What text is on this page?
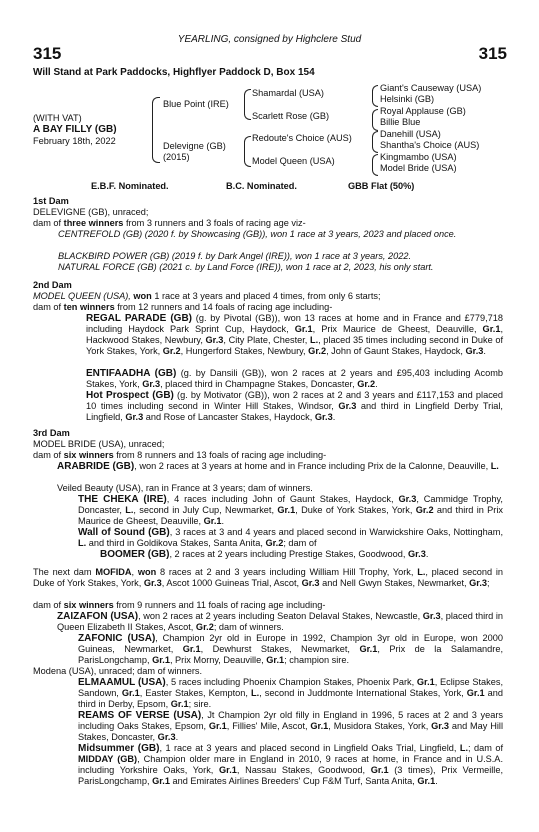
YEARLING, consigned by Highclere Stud
315	315
Will Stand at Park Paddocks, Highflyer Paddock D, Box 154
(WITH VAT)
A BAY FILLY (GB)
February 18th, 2022
Blue Point (IRE)
Delevigne (GB)
(2015)
Shamardal (USA)
Scarlett Rose (GB)
Redoute's Choice (AUS)
Model Queen (USA)
Giant's Causeway (USA)
Helsinki (GB)
Royal Applause (GB)
Billie Blue
Danehill (USA)
Shantha's Choice (AUS)
Kingmambo (USA)
Model Bride (USA)
E.B.F. Nominated.	B.C. Nominated.	GBB Flat (50%)
1st Dam
DELEVIGNE (GB), unraced;
dam of three winners from 3 runners and 3 foals of racing age viz-
CENTREFOLD (GB) (2020 f. by Showcasing (GB)), won 1 race at 3 years, 2023 and placed once.
BLACKBIRD POWER (GB) (2019 f. by Dark Angel (IRE)), won 1 race at 3 years, 2022.
NATURAL FORCE (GB) (2021 c. by Land Force (IRE)), won 1 race at 2, 2023, his only start.
2nd Dam
MODEL QUEEN (USA), won 1 race at 3 years and placed 4 times, from only 6 starts;
dam of ten winners from 12 runners and 14 foals of racing age including-
REGAL PARADE (GB) (g. by Pivotal (GB)), won 13 races at home and in France and £779,718 including Haydock Park Sprint Cup, Haydock, Gr.1, Prix Maurice de Gheest, Deauville, Gr.1, Hackwood Stakes, Newbury, Gr.3, City Plate, Chester, L., placed 35 times including second in Duke of York Stakes, York, Gr.2, Hungerford Stakes, Newbury, Gr.2, John of Gaunt Stakes, Haydock, Gr.3.
ENTIFAADHA (GB) (g. by Dansili (GB)), won 2 races at 2 years and £95,403 including Acomb Stakes, York, Gr.3, placed third in Champagne Stakes, Doncaster, Gr.2.
Hot Prospect (GB) (g. by Motivator (GB)), won 2 races at 2 and 3 years and £117,153 and placed 10 times including second in Winter Hill Stakes, Windsor, Gr.3 and third in Lingfield Derby Trial, Lingfield, Gr.3 and Rose of Lancaster Stakes, Haydock, Gr.3.
3rd Dam
MODEL BRIDE (USA), unraced;
dam of six winners from 8 runners and 13 foals of racing age including-
ARABRIDE (GB), won 2 races at 3 years at home and in France including Prix de la Calonne, Deauville, L.
Veiled Beauty (USA), ran in France at 3 years; dam of winners.
THE CHEKA (IRE), 4 races including John of Gaunt Stakes, Haydock, Gr.3, Cammidge Trophy, Doncaster, L., second in July Cup, Newmarket, Gr.1, Duke of York Stakes, York, Gr.2 and third in Prix Maurice de Gheest, Deauville, Gr.1.
Wall of Sound (GB), 3 races at 3 and 4 years and placed second in Warwickshire Oaks, Nottingham, L. and third in Goldikova Stakes, Santa Anita, Gr.2; dam of
BOOMER (GB), 2 races at 2 years including Prestige Stakes, Goodwood, Gr.3.
The next dam MOFIDA, won 8 races at 2 and 3 years including William Hill Trophy, York, L., placed second in Duke of York Stakes, York, Gr.3, Ascot 1000 Guineas Trial, Ascot, Gr.3 and Nell Gwyn Stakes, Newmarket, Gr.3;
dam of six winners from 9 runners and 11 foals of racing age including-
ZAIZAFON (USA), won 2 races at 2 years including Seaton Delaval Stakes, Newcastle, Gr.3, placed third in Queen Elizabeth II Stakes, Ascot, Gr.2; dam of winners.
ZAFONIC (USA), Champion 2yr old in Europe in 1992, Champion 3yr old in Europe, won 2000 Guineas, Newmarket, Gr.1, Dewhurst Stakes, Newmarket, Gr.1, Prix de la Salamandre, ParisLongchamp, Gr.1, Prix Morny, Deauville, Gr.1; champion sire.
Modena (USA), unraced; dam of winners.
ELMAAMUL (USA), 5 races including Phoenix Champion Stakes, Phoenix Park, Gr.1, Eclipse Stakes, Sandown, Gr.1, Easter Stakes, Kempton, L., second in Juddmonte International Stakes, York, Gr.1 and third in Derby, Epsom, Gr.1; sire.
REAMS OF VERSE (USA), Jt Champion 2yr old filly in England in 1996, 5 races at 2 and 3 years including Oaks Stakes, Epsom, Gr.1, Fillies' Mile, Ascot, Gr.1, Musidora Stakes, York, Gr.3 and May Hill Stakes, Doncaster, Gr.3.
Midsummer (GB), 1 race at 3 years and placed second in Lingfield Oaks Trial, Lingfield, L.; dam of MIDDAY (GB), Champion older mare in England in 2010, 9 races at home, in France and in U.S.A. including Yorkshire Oaks, York, Gr.1, Nassau Stakes, Goodwood, Gr.1 (3 times), Prix Vermeille, ParisLongchamp, Gr.1 and Emirates Airlines Breeders' Cup F&M Turf, Santa Anita, Gr.1.
